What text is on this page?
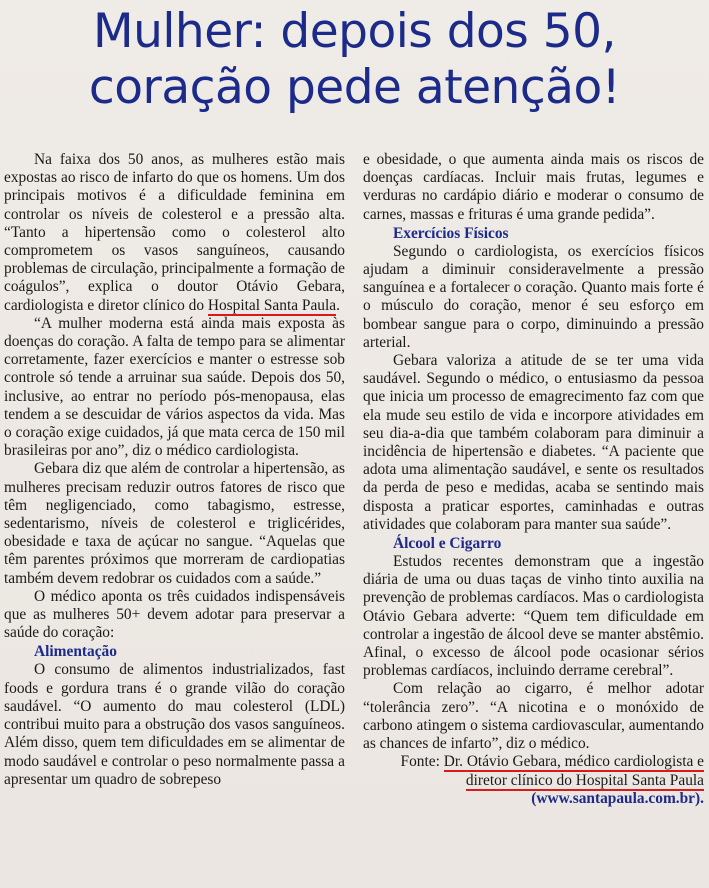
Mulher: depois dos 50,
coração pede atenção!

Na faixa dos 50 anos, as mulheres estão mais expostas ao risco de infarto do que os homens. Um dos principais motivos é a dificuldade feminina em controlar os níveis de colesterol e a pressão alta. “Tanto a hipertensão como o colesterol alto comprometem os vasos sanguíneos, causando problemas de circulação, principalmente a formação de coágulos”, explica o doutor Otávio Gebara, cardiologista e diretor clínico do Hospital Santa Paula.

“A mulher moderna está ainda mais exposta às doenças do coração. A falta de tempo para se alimentar corretamente, fazer exercícios e manter o estresse sob controle só tende a arruinar sua saúde. Depois dos 50, inclusive, ao entrar no período pós-menopausa, elas tendem a se descuidar de vários aspectos da vida. Mas o coração exige cuidados, já que mata cerca de 150 mil brasileiras por ano”, diz o médico cardiologista.

Gebara diz que além de controlar a hipertensão, as mulheres precisam reduzir outros fatores de risco que têm negligenciado, como tabagismo, estresse, sedentarismo, níveis de colesterol e triglicérides, obesidade e taxa de açúcar no sangue. “Aquelas que têm parentes próximos que morreram de cardiopatias também devem redobrar os cuidados com a saúde.”

O médico aponta os três cuidados indispensáveis que as mulheres 50+ devem adotar para preservar a saúde do coração:

Alimentação

O consumo de alimentos industrializados, fast foods e gordura trans é o grande vilão do coração saudável. “O aumento do mau colesterol (LDL) contribui muito para a obstrução dos vasos sanguíneos. Além disso, quem tem dificuldades em se alimentar de modo saudável e controlar o peso normalmente passa a apresentar um quadro de sobrepeso

e obesidade, o que aumenta ainda mais os riscos de doenças cardíacas. Incluir mais frutas, legumes e verduras no cardápio diário e moderar o consumo de carnes, massas e frituras é uma grande pedida”.

Exercícios Físicos

Segundo o cardiologista, os exercícios físicos ajudam a diminuir consideravelmente a pressão sanguínea e a fortalecer o coração. Quanto mais forte é o músculo do coração, menor é seu esforço em bombear sangue para o corpo, diminuindo a pressão arterial.

Gebara valoriza a atitude de se ter uma vida saudável. Segundo o médico, o entusiasmo da pessoa que inicia um processo de emagrecimento faz com que ela mude seu estilo de vida e incorpore atividades em seu dia-a-dia que também colaboram para diminuir a incidência de hipertensão e diabetes. “A paciente que adota uma alimentação saudável, e sente os resultados da perda de peso e medidas, acaba se sentindo mais disposta a praticar esportes, caminhadas e outras atividades que colaboram para manter sua saúde”.

Álcool e Cigarro

Estudos recentes demonstram que a ingestão diária de uma ou duas taças de vinho tinto auxilia na prevenção de problemas cardíacos. Mas o cardiologista Otávio Gebara adverte: “Quem tem dificuldade em controlar a ingestão de álcool deve se manter abstêmio. Afinal, o excesso de álcool pode ocasionar sérios problemas cardíacos, incluindo derrame cerebral”.

Com relação ao cigarro, é melhor adotar “tolerância zero”. “A nicotina e o monóxido de carbono atingem o sistema cardiovascular, aumentando as chances de infarto”, diz o médico.

Fonte: Dr. Otávio Gebara, médico cardiologista e diretor clínico do Hospital Santa Paula

(www.santapaula.com.br).
